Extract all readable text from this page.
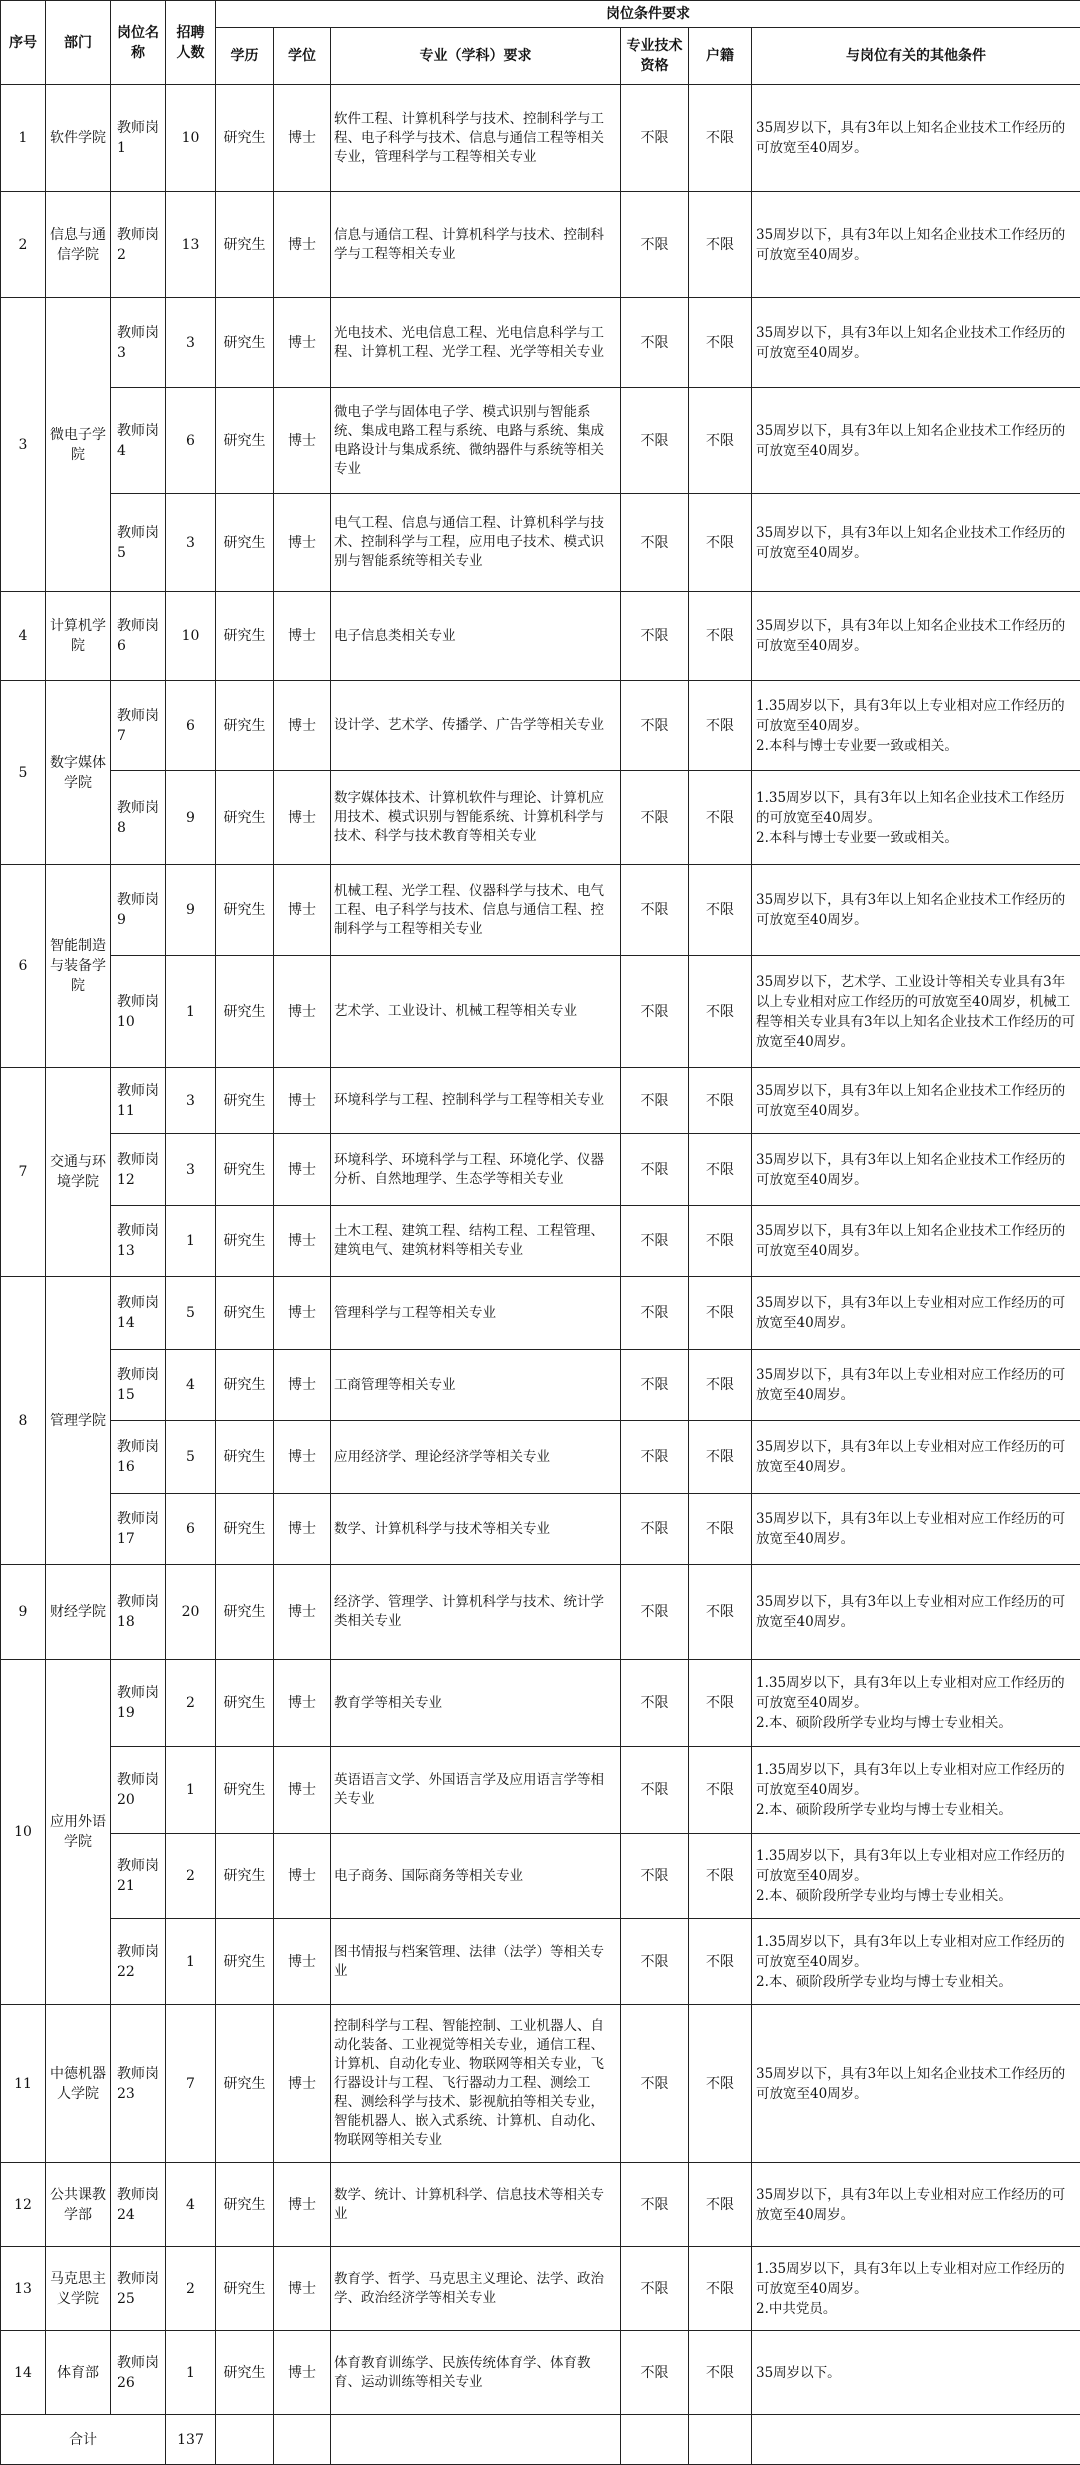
序号	部门	岗位名称	招聘人数	岗位条件要求					
				学历	学位	专业（学科）要求	专业技术资格	户籍	与岗位有关的其他条件
1	软件学院	教师岗1	10	研究生	博士	软件工程、计算机科学与技术、控制科学与工程、电子科学与技术、信息与通信工程等相关专业，管理科学与工程等相关专业	不限	不限	35周岁以下，具有3年以上知名企业技术工作经历的可放宽至40周岁。
2	信息与通信学院	教师岗2	13	研究生	博士	信息与通信工程、计算机科学与技术、控制科学与工程等相关专业	不限	不限	35周岁以下，具有3年以上知名企业技术工作经历的可放宽至40周岁。
3	微电子学院	教师岗3	3	研究生	博士	光电技术、光电信息工程、光电信息科学与工程、计算机工程、光学工程、光学等相关专业	不限	不限	35周岁以下，具有3年以上知名企业技术工作经历的可放宽至40周岁。
		教师岗4	6	研究生	博士	微电子学与固体电子学、模式识别与智能系统、集成电路工程与系统、电路与系统、集成电路设计与集成系统、微纳器件与系统等相关专业	不限	不限	35周岁以下，具有3年以上知名企业技术工作经历的可放宽至40周岁。
		教师岗5	3	研究生	博士	电气工程、信息与通信工程、计算机科学与技术、控制科学与工程，应用电子技术、模式识别与智能系统等相关专业	不限	不限	35周岁以下，具有3年以上知名企业技术工作经历的可放宽至40周岁。
4	计算机学院	教师岗6	10	研究生	博士	电子信息类相关专业	不限	不限	35周岁以下，具有3年以上知名企业技术工作经历的可放宽至40周岁。
5	数字媒体学院	教师岗7	6	研究生	博士	设计学、艺术学、传播学、广告学等相关专业	不限	不限	1.35周岁以下，具有3年以上专业相对应工作经历的可放宽至40周岁。
2.本科与博士专业要一致或相关。
		教师岗8	9	研究生	博士	数字媒体技术、计算机软件与理论、计算机应用技术、模式识别与智能系统、计算机科学与技术、科学与技术教育等相关专业	不限	不限	1.35周岁以下，具有3年以上知名企业技术工作经历的可放宽至40周岁。
2.本科与博士专业要一致或相关。
6	智能制造与装备学院	教师岗9	9	研究生	博士	机械工程、光学工程、仪器科学与技术、电气工程、电子科学与技术、信息与通信工程、控制科学与工程等相关专业	不限	不限	35周岁以下，具有3年以上知名企业技术工作经历的可放宽至40周岁。
		教师岗10	1	研究生	博士	艺术学、工业设计、机械工程等相关专业	不限	不限	35周岁以下，艺术学、工业设计等相关专业具有3年以上专业相对应工作经历的可放宽至40周岁，机械工程等相关专业具有3年以上知名企业技术工作经历的可放宽至40周岁。
7	交通与环境学院	教师岗11	3	研究生	博士	环境科学与工程、控制科学与工程等相关专业	不限	不限	35周岁以下，具有3年以上知名企业技术工作经历的可放宽至40周岁。
		教师岗12	3	研究生	博士	环境科学、环境科学与工程、环境化学、仪器分析、自然地理学、生态学等相关专业	不限	不限	35周岁以下，具有3年以上知名企业技术工作经历的可放宽至40周岁。
		教师岗13	1	研究生	博士	土木工程、建筑工程、结构工程、工程管理、建筑电气、建筑材料等相关专业	不限	不限	35周岁以下，具有3年以上知名企业技术工作经历的可放宽至40周岁。
8	管理学院	教师岗14	5	研究生	博士	管理科学与工程等相关专业	不限	不限	35周岁以下，具有3年以上专业相对应工作经历的可放宽至40周岁。
		教师岗15	4	研究生	博士	工商管理等相关专业	不限	不限	35周岁以下，具有3年以上专业相对应工作经历的可放宽至40周岁。
		教师岗16	5	研究生	博士	应用经济学、理论经济学等相关专业	不限	不限	35周岁以下，具有3年以上专业相对应工作经历的可放宽至40周岁。
		教师岗17	6	研究生	博士	数学、计算机科学与技术等相关专业	不限	不限	35周岁以下，具有3年以上专业相对应工作经历的可放宽至40周岁。
9	财经学院	教师岗18	20	研究生	博士	经济学、管理学、计算机科学与技术、统计学类相关专业	不限	不限	35周岁以下，具有3年以上专业相对应工作经历的可放宽至40周岁。
10	应用外语学院	教师岗19	2	研究生	博士	教育学等相关专业	不限	不限	1.35周岁以下，具有3年以上专业相对应工作经历的可放宽至40周岁。
2.本、硕阶段所学专业均与博士专业相关。
		教师岗20	1	研究生	博士	英语语言文学、外国语言学及应用语言学等相关专业	不限	不限	1.35周岁以下，具有3年以上专业相对应工作经历的可放宽至40周岁。
2.本、硕阶段所学专业均与博士专业相关。
		教师岗21	2	研究生	博士	电子商务、国际商务等相关专业	不限	不限	1.35周岁以下，具有3年以上专业相对应工作经历的可放宽至40周岁。
2.本、硕阶段所学专业均与博士专业相关。
		教师岗22	1	研究生	博士	图书情报与档案管理、法律（法学）等相关专业	不限	不限	1.35周岁以下，具有3年以上专业相对应工作经历的可放宽至40周岁。
2.本、硕阶段所学专业均与博士专业相关。
11	中德机器人学院	教师岗23	7	研究生	博士	控制科学与工程、智能控制、工业机器人、自动化装备、工业视觉等相关专业，通信工程、计算机、自动化专业、物联网等相关专业，飞行器设计与工程、飞行器动力工程、测绘工程、测绘科学与技术、影视航拍等相关专业，智能机器人、嵌入式系统、计算机、自动化、物联网等相关专业	不限	不限	35周岁以下，具有3年以上知名企业技术工作经历的可放宽至40周岁。
12	公共课教学部	教师岗24	4	研究生	博士	数学、统计、计算机科学、信息技术等相关专业	不限	不限	35周岁以下，具有3年以上专业相对应工作经历的可放宽至40周岁。
13	马克思主义学院	教师岗25	2	研究生	博士	教育学、哲学、马克思主义理论、法学、政治学、政治经济学等相关专业	不限	不限	1.35周岁以下，具有3年以上专业相对应工作经历的可放宽至40周岁。
2.中共党员。
14	体育部	教师岗26	1	研究生	博士	体育教育训练学、民族传统体育学、体育教育、运动训练等相关专业	不限	不限	35周岁以下。
合计			137						
